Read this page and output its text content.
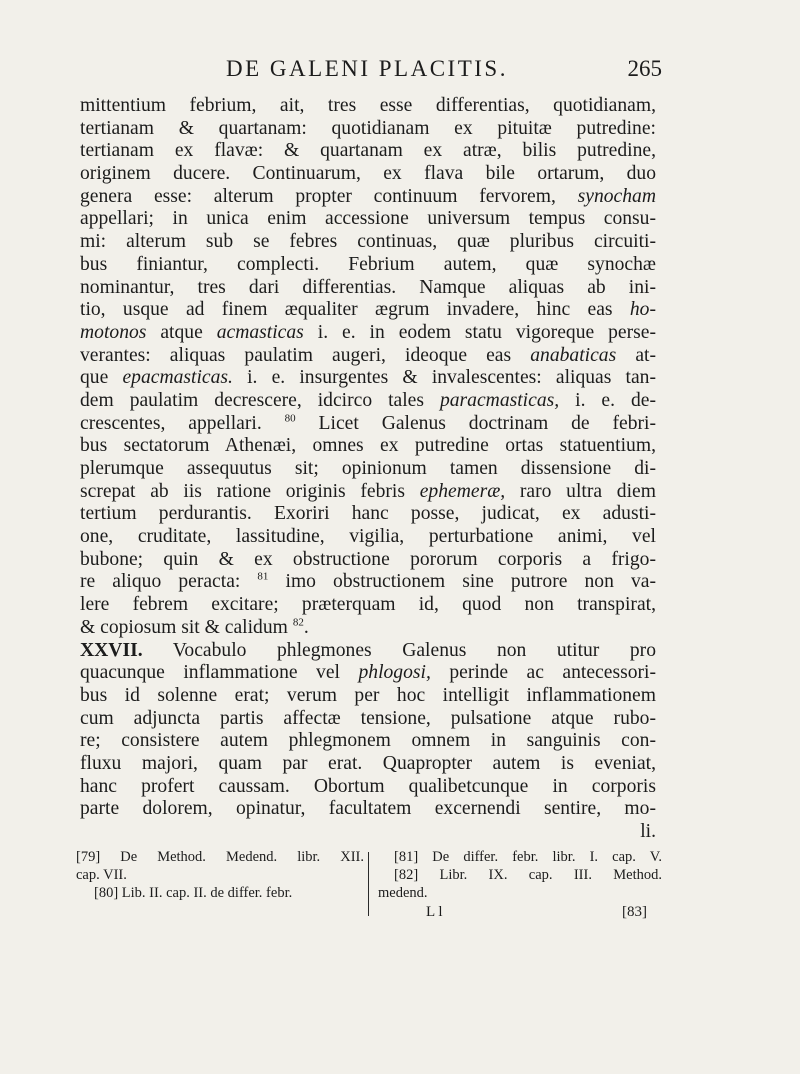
DE GALENI PLACITIS.	265
mittentium febrium, ait, tres esse differentias, quotidianam,
tertianam & quartanam: quotidianam ex pituitæ putredine:
tertianam ex flavæ: & quartanam ex atræ, bilis putredine,
originem ducere. Continuarum, ex flava bile ortarum, duo
genera esse: alterum propter continuum fervorem, synocham
appellari; in unica enim accessione universum tempus consu-
mi: alterum sub se febres continuas, quæ pluribus circuiti-
bus finiantur, complecti. Febrium autem, quæ synochæ
nominantur, tres dari differentias. Namque aliquas ab ini-
tio, usque ad finem æqualiter ægrum invadere, hinc eas ho-
motonos atque acmasticas i. e. in eodem statu vigoreque perse-
verantes: aliquas paulatim augeri, ideoque eas anabaticas at-
que epacmasticas. i. e. insurgentes & invalescentes: aliquas tan-
dem paulatim decrescere, idcirco tales paracmasticas, i. e. de-
crescentes, appellari. $^{80}$ Licet Galenus doctrinam de febri-
bus sectatorum Athenæi, omnes ex putredine ortas statuentium,
plerumque assequutus sit; opinionum tamen dissensione di-
screpat ab iis ratione originis febris ephemeræ, raro ultra diem
tertium perdurantis. Exoriri hanc posse, judicat, ex adusti-
one, cruditate, lassitudine, vigilia, perturbatione animi, vel
bubone; quin & ex obstructione pororum corporis a frigo-
re aliquo peracta: $^{81}$ imo obstructionem sine putrore non va-
lere febrem excitare; præterquam id, quod non transpirat,
& copiosum sit & calidum $^{82}$.
XXVII. Vocabulo phlegmones Galenus non utitur pro
quacunque inflammatione vel phlogosi, perinde ac antecessori-
bus id solenne erat; verum per hoc intelligit inflammationem
cum adjuncta partis affectæ tensione, pulsatione atque rubo-
re; consistere autem phlegmonem omnem in sanguinis con-
fluxu majori, quam par erat. Quapropter autem is eveniat,
hanc profert caussam. Obortum qualibetcunque in corporis
parte dolorem, opinatur, facultatem excernendi sentire, mo-
li.
[79] De Method. Medend. libr. XII.
cap. VII.
[80] Lib. II. cap. II. de differ. febr.
[81] De differ. febr. libr. I. cap. V.
[82] Libr. IX. cap. III. Method.
medend.
L l	[83]
